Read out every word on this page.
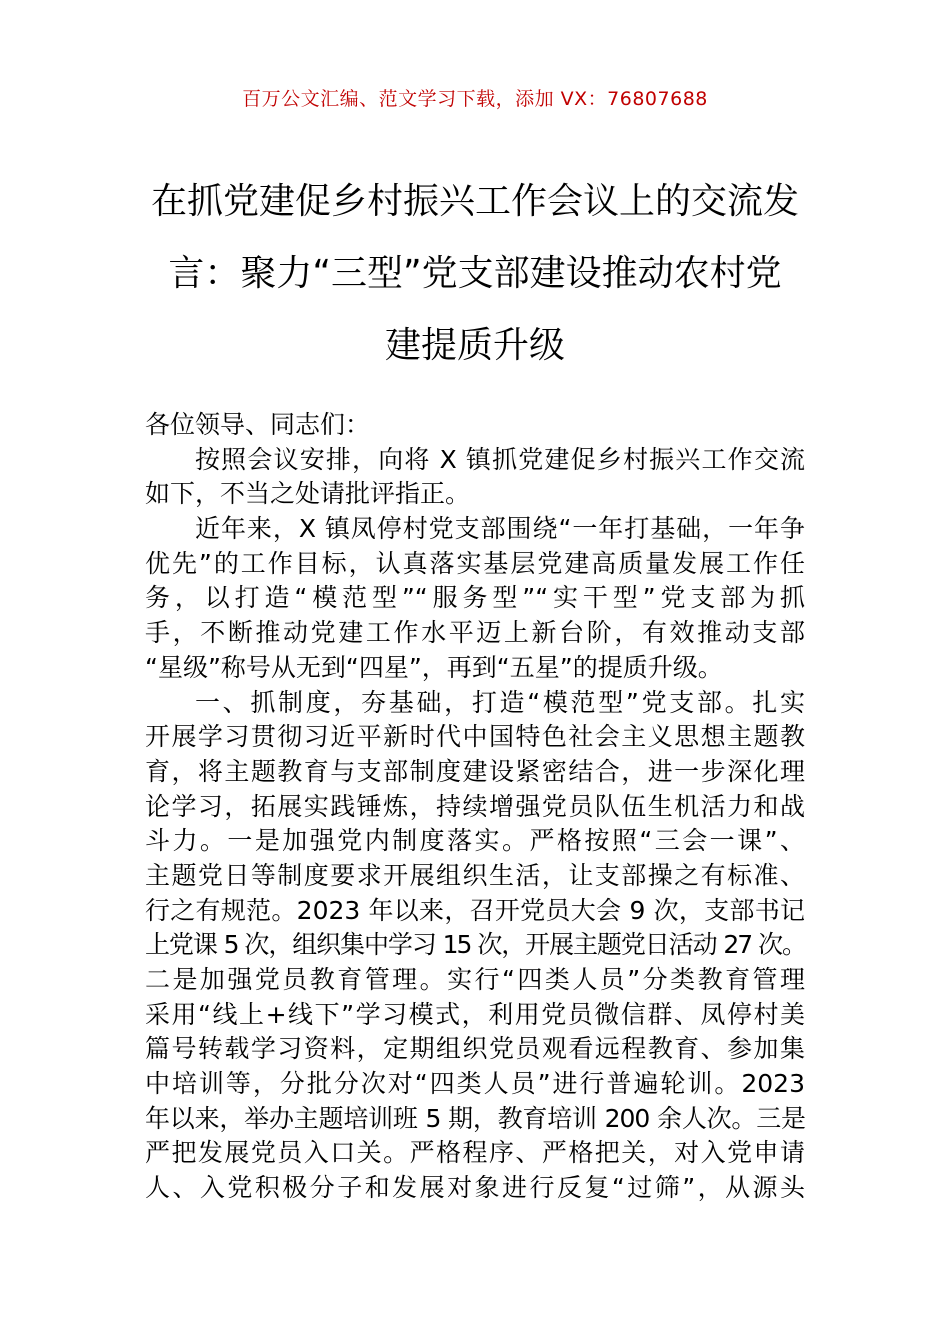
百万公文汇编、范文学习下载，添加 VX：76807688
在抓党建促乡村振兴工作会议上的交流发
言：聚力“三型”党支部建设推动农村党
建提质升级
各位领导、同志们：
按照会议安排，向将 X 镇抓党建促乡村振兴工作交流
如下，不当之处请批评指正。
近年来，X 镇凤停村党支部围绕“一年打基础，一年争
优先”的工作目标，认真落实基层党建高质量发展工作任
务，以打造“模范型”“服务型”“实干型”党支部为抓
手，不断推动党建工作水平迈上新台阶，有效推动支部
“星级”称号从无到“四星”，再到“五星”的提质升级。
一、抓制度，夯基础，打造“模范型”党支部。扎实
开展学习贯彻习近平新时代中国特色社会主义思想主题教
育，将主题教育与支部制度建设紧密结合，进一步深化理
论学习，拓展实践锤炼，持续增强党员队伍生机活力和战
斗力。一是加强党内制度落实。严格按照“三会一课”、
主题党日等制度要求开展组织生活，让支部操之有标准、
行之有规范。2023 年以来，召开党员大会 9 次，支部书记
上党课 5 次，组织集中学习 15 次，开展主题党日活动 27 次。
二是加强党员教育管理。实行“四类人员”分类教育管理
采用“线上+线下”学习模式，利用党员微信群、凤停村美
篇号转载学习资料，定期组织党员观看远程教育、参加集
中培训等，分批分次对“四类人员”进行普遍轮训。2023
年以来，举办主题培训班 5 期，教育培训 200 余人次。三是
严把发展党员入口关。严格程序、严格把关，对入党申请
人、入党积极分子和发展对象进行反复“过筛”，从源头
